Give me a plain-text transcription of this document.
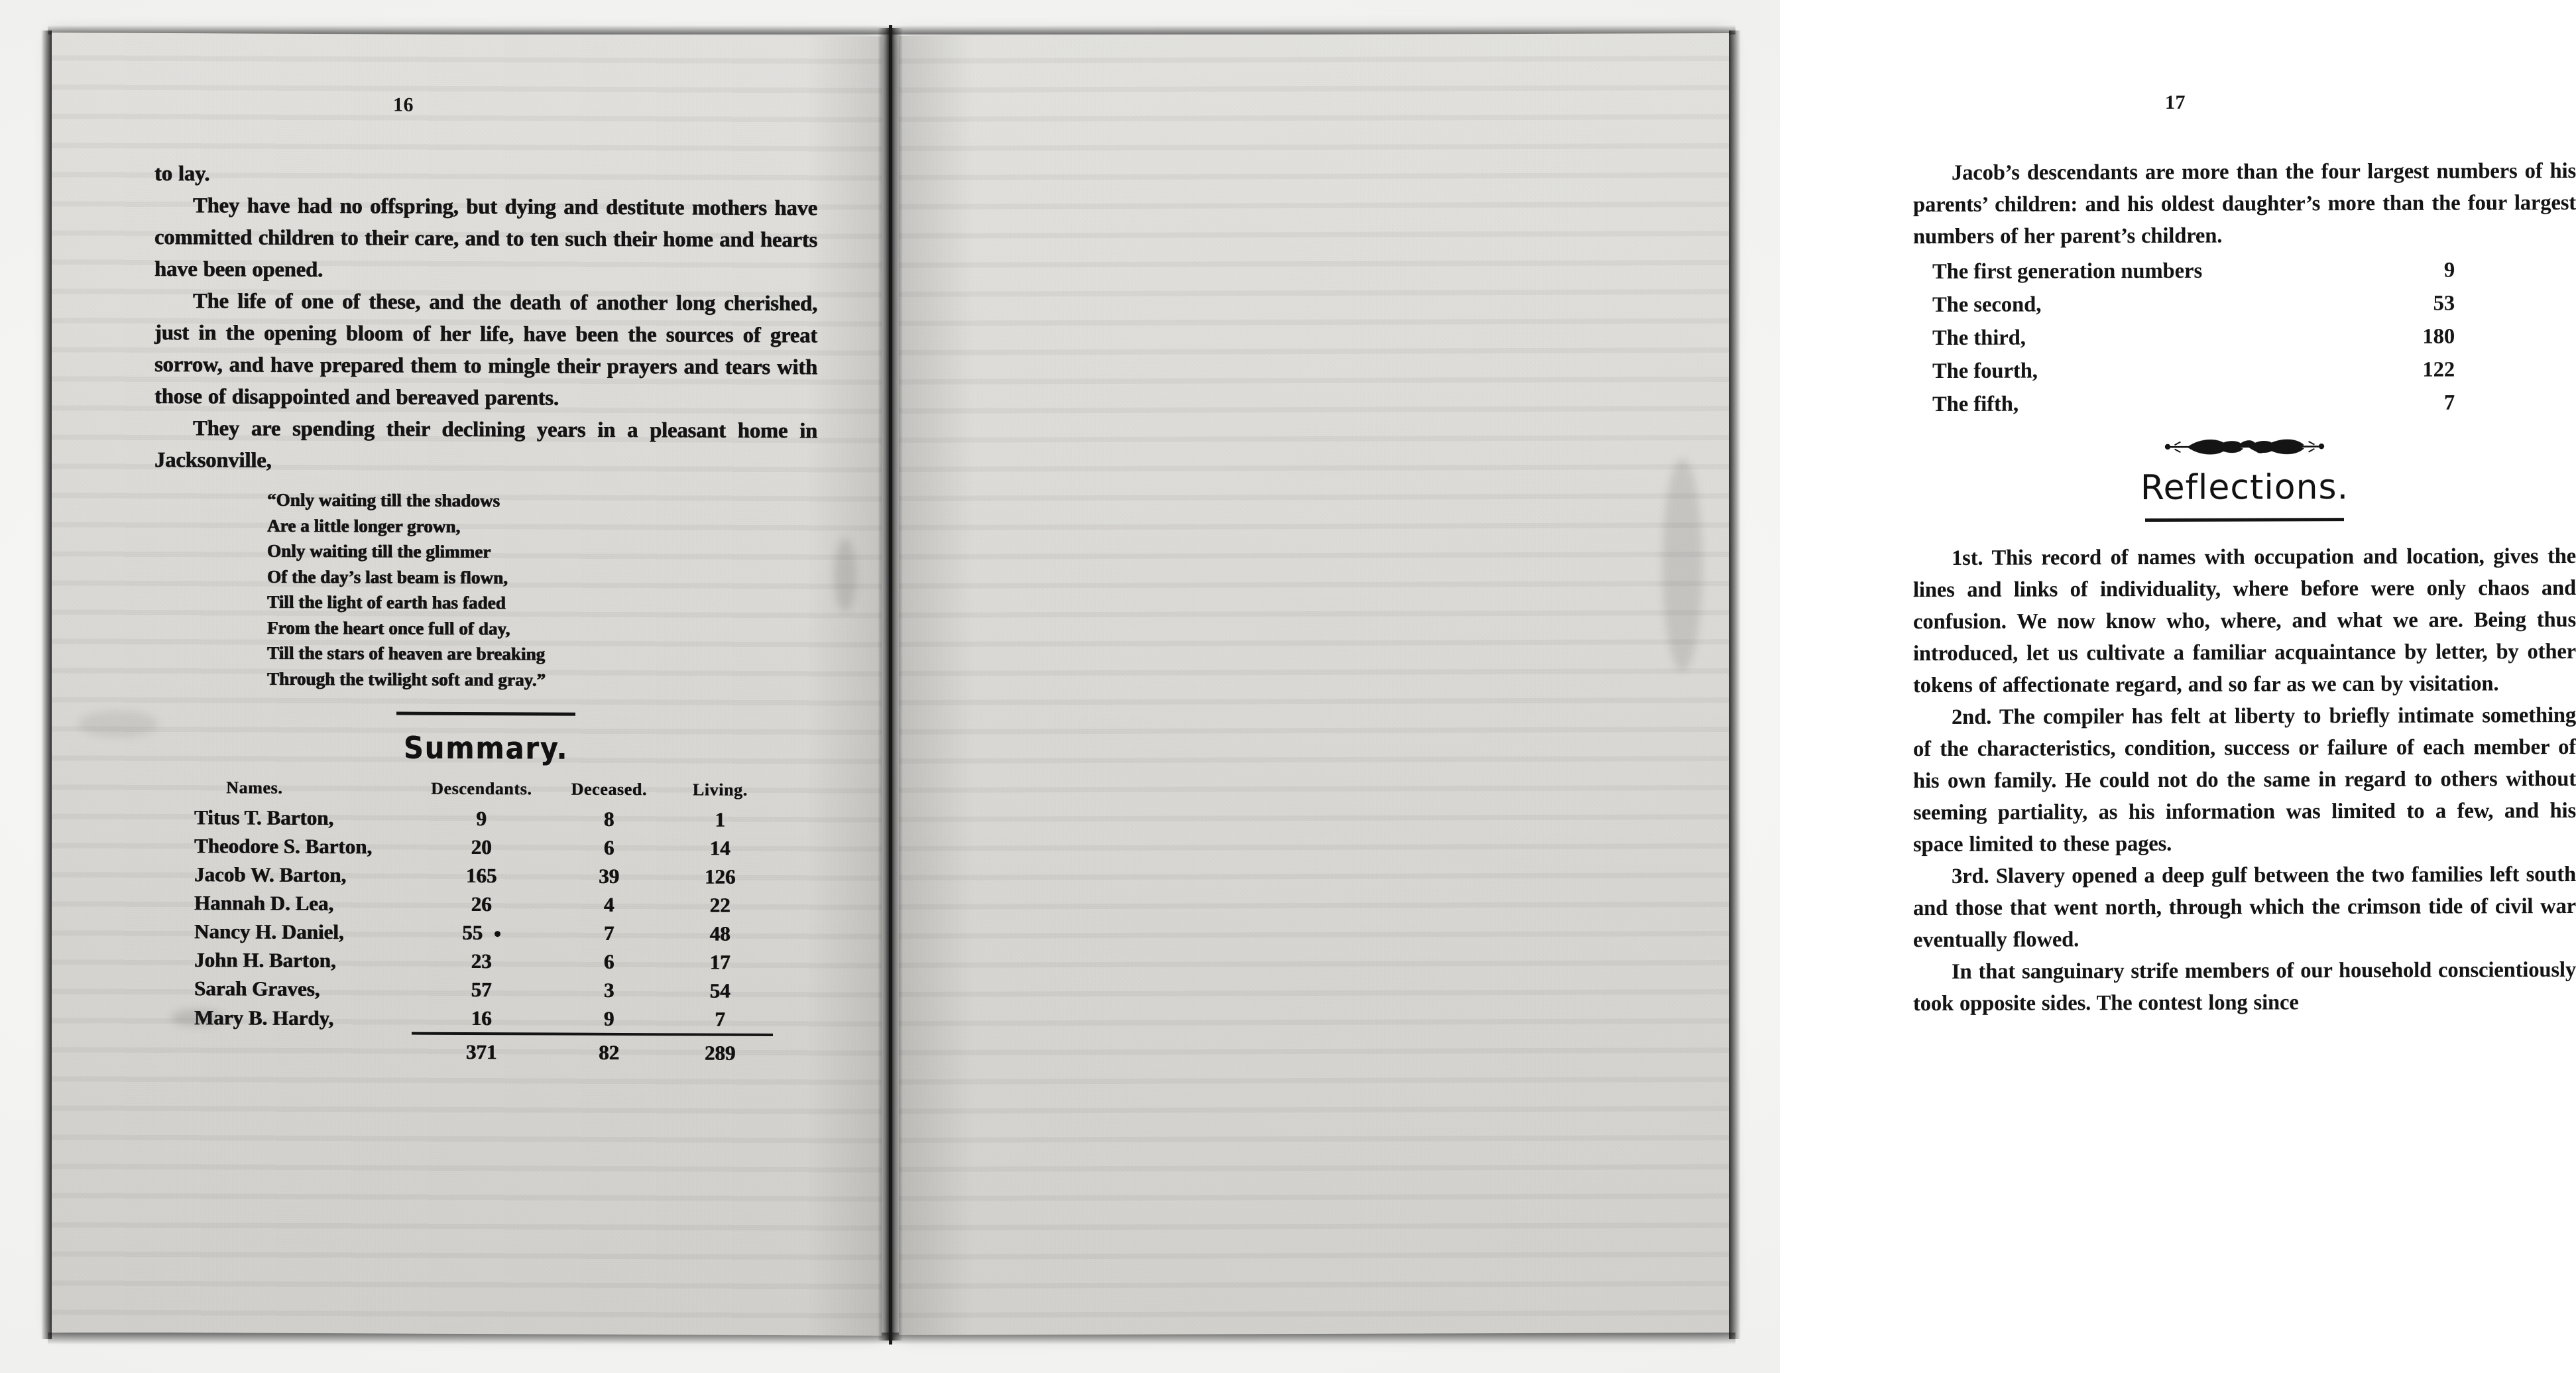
16

to lay.

They have had no offspring, but dying and destitute mothers have committed children to their care, and to ten such their home and hearts have been opened.

The life of one of these, and the death of another long cherished, just in the opening bloom of her life, have been the sources of great sorrow, and have prepared them to mingle their prayers and tears with those of disappointed and bereaved parents.

They are spending their declining years in a pleasant home in Jacksonville,

“Only waiting till the shadows
Are a little longer grown,
Only waiting till the glimmer
Of the day’s last beam is flown,
Till the light of earth has faded
From the heart once full of day,
Till the stars of heaven are breaking
Through the twilight soft and gray.”
Summary.
Names.	Descendants.	Deceased.	Living.
Titus T. Barton,	9	8	1
Theodore S. Barton,	20	6	14
Jacob W. Barton,	165	39	126
Hannah D. Lea,	26	4	22
Nancy H. Daniel,	55	7	48
John H. Barton,	23	6	17
Sarah Graves,	57	3	54
Mary B. Hardy,	16	9	7
	371	82	289
17

Jacob’s descendants are more than the four largest numbers of his parents’ children: and his oldest daughter’s more than the four largest numbers of her parent’s children.

The first generation numbers	9
The second,	53
The third,	180
The fourth,	122
The fifth,	7
Reflections.

1st. This record of names with occupation and location, gives the lines and links of individuality, where before were only chaos and confusion. We now know who, where, and what we are. Being thus introduced, let us cultivate a familiar acquaintance by letter, by other tokens of affectionate regard, and so far as we can by visitation.

2nd. The compiler has felt at liberty to briefly intimate something of the characteristics, condition, success or failure of each member of his own family. He could not do the same in regard to others without seeming partiality, as his information was limited to a few, and his space limited to these pages.

3rd. Slavery opened a deep gulf between the two families left south and those that went north, through which the crimson tide of civil war eventually flowed.

In that sanguinary strife members of our household conscientiously took opposite sides. The contest long since
